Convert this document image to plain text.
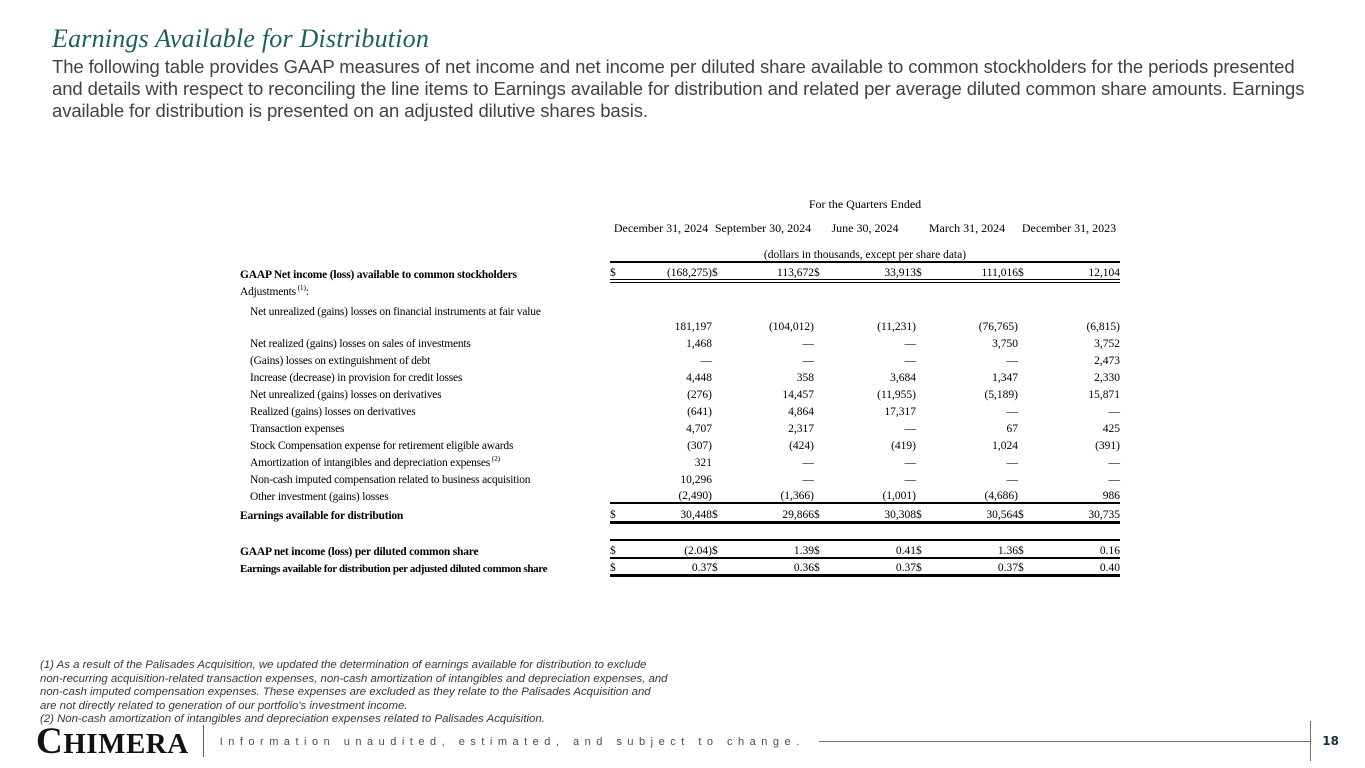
Earnings Available for Distribution

The following table provides GAAP measures of net income and net income per diluted share available to common stockholders for the periods presented and details with respect to reconciling the line items to Earnings available for distribution and related per average diluted common share amounts. Earnings available for distribution is presented on an adjusted dilutive shares basis.

	For the Quarters Ended									
	December 31, 2024		September 30, 2024		June 30, 2024		March 31, 2024		December 31, 2023	

	(dollars in thousands, except per share data)									
GAAP Net income (loss) available to common stockholders	$	(168,275)	$	113,672	$	33,913	$	111,016	$	12,104
Adjustments $^{(1)}$:										
Net unrealized (gains) losses on financial instruments at fair value										
		181,197		(104,012)		(11,231)		(76,765)		(6,815)
Net realized (gains) losses on sales of investments		1,468		—		—		3,750		3,752
(Gains) losses on extinguishment of debt		—		—		—		—		2,473
Increase (decrease) in provision for credit losses		4,448		358		3,684		1,347		2,330
Net unrealized (gains) losses on derivatives		(276)		14,457		(11,955)		(5,189)		15,871
Realized (gains) losses on derivatives		(641)		4,864		17,317		—		—
Transaction expenses		4,707		2,317		—		67		425
Stock Compensation expense for retirement eligible awards		(307)		(424)		(419)		1,024		(391)
Amortization of intangibles and depreciation expenses $^{(2)}$		321		—		—		—		—
Non-cash imputed compensation related to business acquisition		10,296		—		—		—		—
Other investment (gains) losses		(2,490)		(1,366)		(1,001)		(4,686)		986
Earnings available for distribution	$	30,448	$	29,866	$	30,308	$	30,564	$	30,735

GAAP net income (loss) per diluted common share	$	(2.04)	$	1.39	$	0.41	$	1.36	$	0.16
Earnings available for distribution per adjusted diluted common share	$	0.37	$	0.36	$	0.37	$	0.37	$	0.40

(1) As a result of the Palisades Acquisition, we updated the determination of earnings available for distribution to exclude non-recurring acquisition-related transaction expenses, non-cash amortization of intangibles and depreciation expenses, and non-cash imputed compensation expenses. These expenses are excluded as they relate to the Palisades Acquisition and are not directly related to generation of our portfolio's investment income.

(2) Non-cash amortization of intangibles and depreciation expenses related to Palisades Acquisition.

CHIMERA	Information unaudited, estimated, and subject to change.	18
